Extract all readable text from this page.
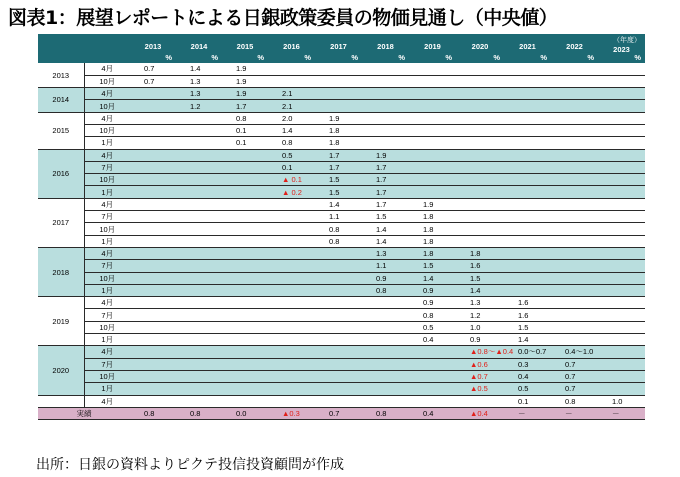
図表1：展望レポートによる日銀政策委員の物価見通し（中央値）
		2013	2014	2015	2016	2017	2018	2019	2020	2021	2022	（年度）
2023
		%	%	%	%	%	%	%	%	%	%	%
2013	4月	0.7	1.4	1.9								
	10月	0.7	1.3	1.9								
2014	4月		1.3	1.9	2.1							
	10月		1.2	1.7	2.1							
2015	4月			0.8	2.0	1.9						
	10月			0.1	1.4	1.8						
	1月			0.1	0.8	1.8						
2016	4月				0.5	1.7	1.9					
	7月				0.1	1.7	1.7					
	10月				▲ 0.1	1.5	1.7					
	1月				▲ 0.2	1.5	1.7					
2017	4月					1.4	1.7	1.9				
	7月					1.1	1.5	1.8				
	10月					0.8	1.4	1.8				
	1月					0.8	1.4	1.8				
2018	4月						1.3	1.8	1.8			
	7月						1.1	1.5	1.6			
	10月						0.9	1.4	1.5			
	1月						0.8	0.9	1.4			
2019	4月							0.9	1.3	1.6		
	7月							0.8	1.2	1.6		
	10月							0.5	1.0	1.5		
	1月							0.4	0.9	1.4		
2020	4月								▲0.8～▲0.4	0.0～0.7	0.4～1.0	
	7月								▲0.6	0.3	0.7	
	10月								▲0.7	0.4	0.7	
	1月								▲0.5	0.5	0.7	
	4月									0.1	0.8	1.0
実績		0.8	0.8	0.0	▲0.3	0.7	0.8	0.4	▲0.4	－	－	－
出所：日銀の資料よりピクテ投信投資顧問が作成
